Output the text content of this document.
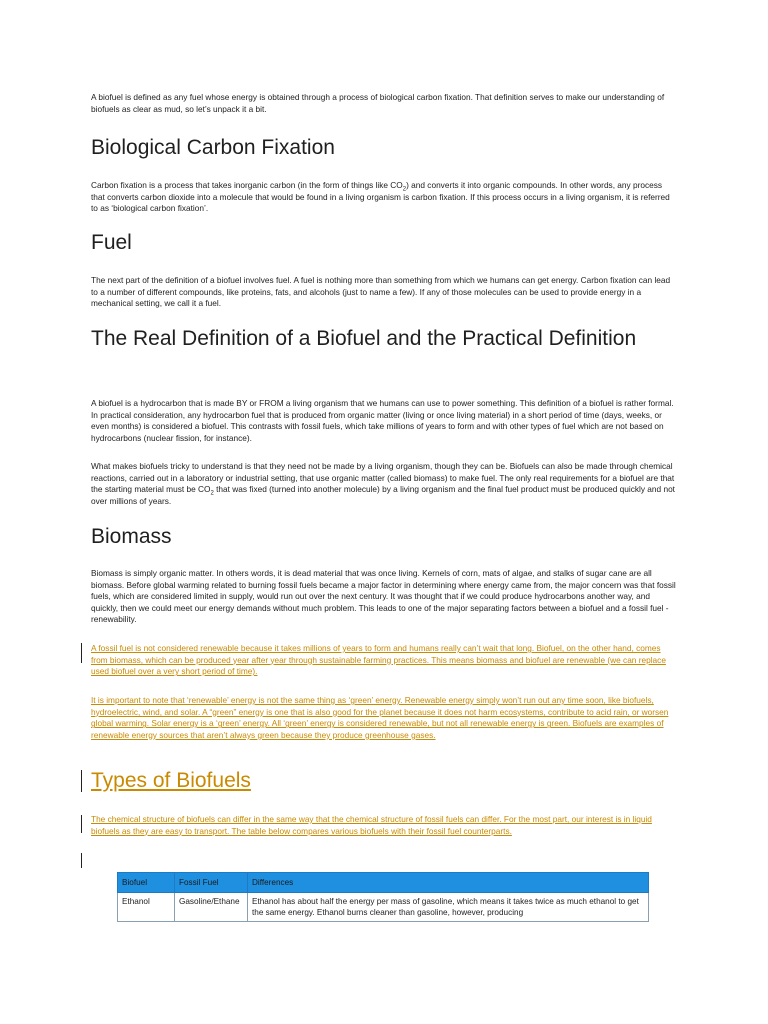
A biofuel is defined as any fuel whose energy is obtained through a process of biological carbon fixation. That definition serves to make our understanding of biofuels as clear as mud, so let’s unpack it a bit.

Biological Carbon Fixation

Carbon fixation is a process that takes inorganic carbon (in the form of things like $CO_2$) and converts it into organic compounds. In other words, any process that converts carbon dioxide into a molecule that would be found in a living organism is carbon fixation. If this process occurs in a living organism, it is referred to as ‘biological carbon fixation’.

Fuel

The next part of the definition of a biofuel involves fuel. A fuel is nothing more than something from which we humans can get energy. Carbon fixation can lead to a number of different compounds, like proteins, fats, and alcohols (just to name a few). If any of those molecules can be used to provide energy in a mechanical setting, we call it a fuel.

The Real Definition of a Biofuel and the Practical Definition

A biofuel is a hydrocarbon that is made BY or FROM a living organism that we humans can use to power something. This definition of a biofuel is rather formal. In practical consideration, any hydrocarbon fuel that is produced from organic matter (living or once living material) in a short period of time (days, weeks, or even months) is considered a biofuel. This contrasts with fossil fuels, which take millions of years to form and with other types of fuel which are not based on hydrocarbons (nuclear fission, for instance).

What makes biofuels tricky to understand is that they need not be made by a living organism, though they can be. Biofuels can also be made through chemical reactions, carried out in a laboratory or industrial setting, that use organic matter (called biomass) to make fuel. The only real requirements for a biofuel are that the starting material must be $CO_2$ that was fixed (turned into another molecule) by a living organism and the final fuel product must be produced quickly and not over millions of years.

Biomass

Biomass is simply organic matter. In others words, it is dead material that was once living. Kernels of corn, mats of algae, and stalks of sugar cane are all biomass. Before global warming related to burning fossil fuels became a major factor in determining where energy came from, the major concern was that fossil fuels, which are considered limited in supply, would run out over the next century. It was thought that if we could produce hydrocarbons another way, and quickly, then we could meet our energy demands without much problem. This leads to one of the major separating factors between a biofuel and a fossil fuel - renewability.

A fossil fuel is not considered renewable because it takes millions of years to form and humans really can’t wait that long. Biofuel, on the other hand, comes from biomass, which can be produced year after year through sustainable farming practices. This means biomass and biofuel are renewable (we can replace used biofuel over a very short period of time).

It is important to note that ‘renewable’ energy is not the same thing as ‘green’ energy. Renewable energy simply won’t run out any time soon, like biofuels, hydroelectric, wind, and solar. A “green” energy is one that is also good for the planet because it does not harm ecosystems, contribute to acid rain, or worsen global warming. Solar energy is a ‘green’ energy. All ‘green’ energy is considered renewable, but not all renewable energy is green. Biofuels are examples of renewable energy sources that aren’t always green because they produce greenhouse gases.

Types of Biofuels

The chemical structure of biofuels can differ in the same way that the chemical structure of fossil fuels can differ. For the most part, our interest is in liquid biofuels as they are easy to transport. The table below compares various biofuels with their fossil fuel counterparts.

Biofuel	Fossil Fuel	Differences
Ethanol	Gasoline/Ethane	Ethanol has about half the energy per mass of gasoline, which means it takes twice as much ethanol to get the same energy. Ethanol burns cleaner than gasoline, however, producing
